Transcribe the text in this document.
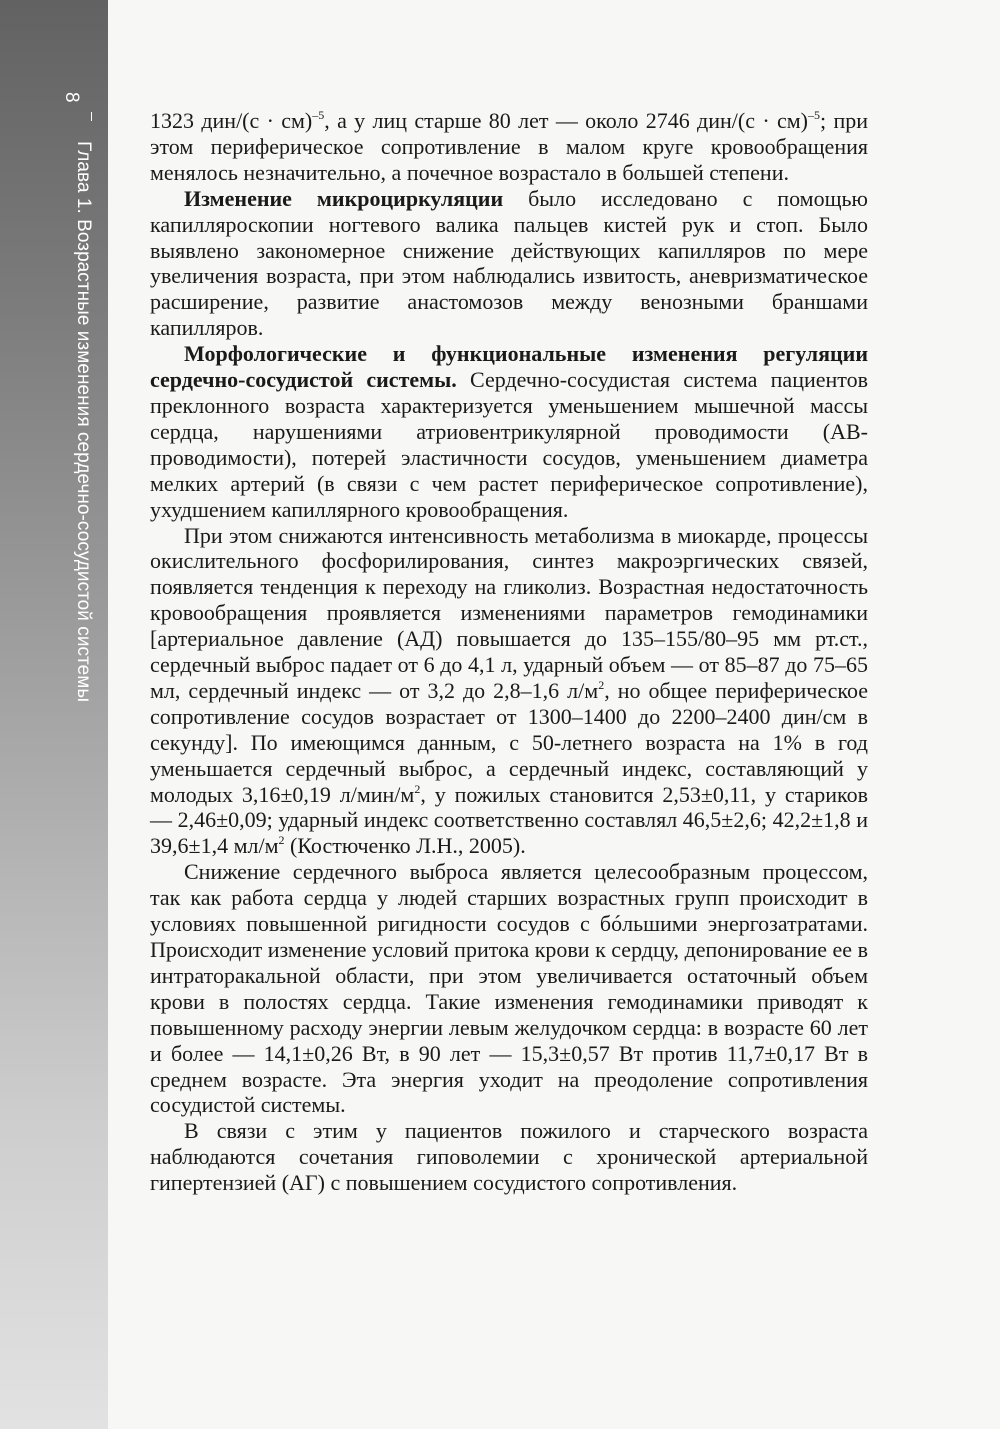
8
Глава 1. Возрастные изменения сердечно-сосудистой системы

1323 дин/(с · см)$^{-5}$, а у лиц старше 80 лет — около 2746 дин/(с · см)$^{-5}$; при этом периферическое сопротивление в малом круге кровообращения менялось незначительно, а почечное возрастало в большей степени.

Изменение микроциркуляции было исследовано с помощью капилляроскопии ногтевого валика пальцев кистей рук и стоп. Было выявлено закономерное снижение действующих капилляров по мере увеличения возраста, при этом наблюдались извитость, аневризматическое расширение, развитие анастомозов между венозными браншами капилляров.

Морфологические и функциональные изменения регуляции сердечно-сосудистой системы. Сердечно-сосудистая система пациентов преклонного возраста характеризуется уменьшением мышечной массы сердца, нарушениями атриовентрикулярной проводимости (АВ-проводимости), потерей эластичности сосудов, уменьшением диаметра мелких артерий (в связи с чем растет периферическое сопротивление), ухудшением капиллярного кровообращения.

При этом снижаются интенсивность метаболизма в миокарде, процессы окислительного фосфорилирования, синтез макроэргических связей, появляется тенденция к переходу на гликолиз. Возрастная недостаточность кровообращения проявляется изменениями параметров гемодинамики [артериальное давление (АД) повышается до 135–155/80–95 мм рт.ст., сердечный выброс падает от 6 до 4,1 л, ударный объем — от 85–87 до 75–65 мл, сердечный индекс — от 3,2 до 2,8–1,6 $л/м^2$, но общее периферическое сопротивление сосудов возрастает от 1300–1400 до 2200–2400 дин/см в секунду]. По имеющимся данным, с 50-летнего возраста на 1% в год уменьшается сердечный выброс, а сердечный индекс, составляющий у молодых 3,16±0,19 $л/мин/м^2$, у пожилых становится 2,53±0,11, у стариков — 2,46±0,09; ударный индекс соответственно составлял 46,5±2,6; 42,2±1,8 и 39,6±1,4 $мл/м^2$ (Костюченко Л.Н., 2005).

Снижение сердечного выброса является целесообразным процессом, так как работа сердца у людей старших возрастных групп происходит в условиях повышенной ригидности сосудов с бóльшими энергозатратами. Происходит изменение условий притока крови к сердцу, депонирование ее в интраторакальной области, при этом увеличивается остаточный объем крови в полостях сердца. Такие изменения гемодинамики приводят к повышенному расходу энергии левым желудочком сердца: в возрасте 60 лет и более — 14,1±0,26 Вт, в 90 лет — 15,3±0,57 Вт против 11,7±0,17 Вт в среднем возрасте. Эта энергия уходит на преодоление сопротивления сосудистой системы.

В связи с этим у пациентов пожилого и старческого возраста наблюдаются сочетания гиповолемии с хронической артериальной гипертензией (АГ) с повышением сосудистого сопротивления.
